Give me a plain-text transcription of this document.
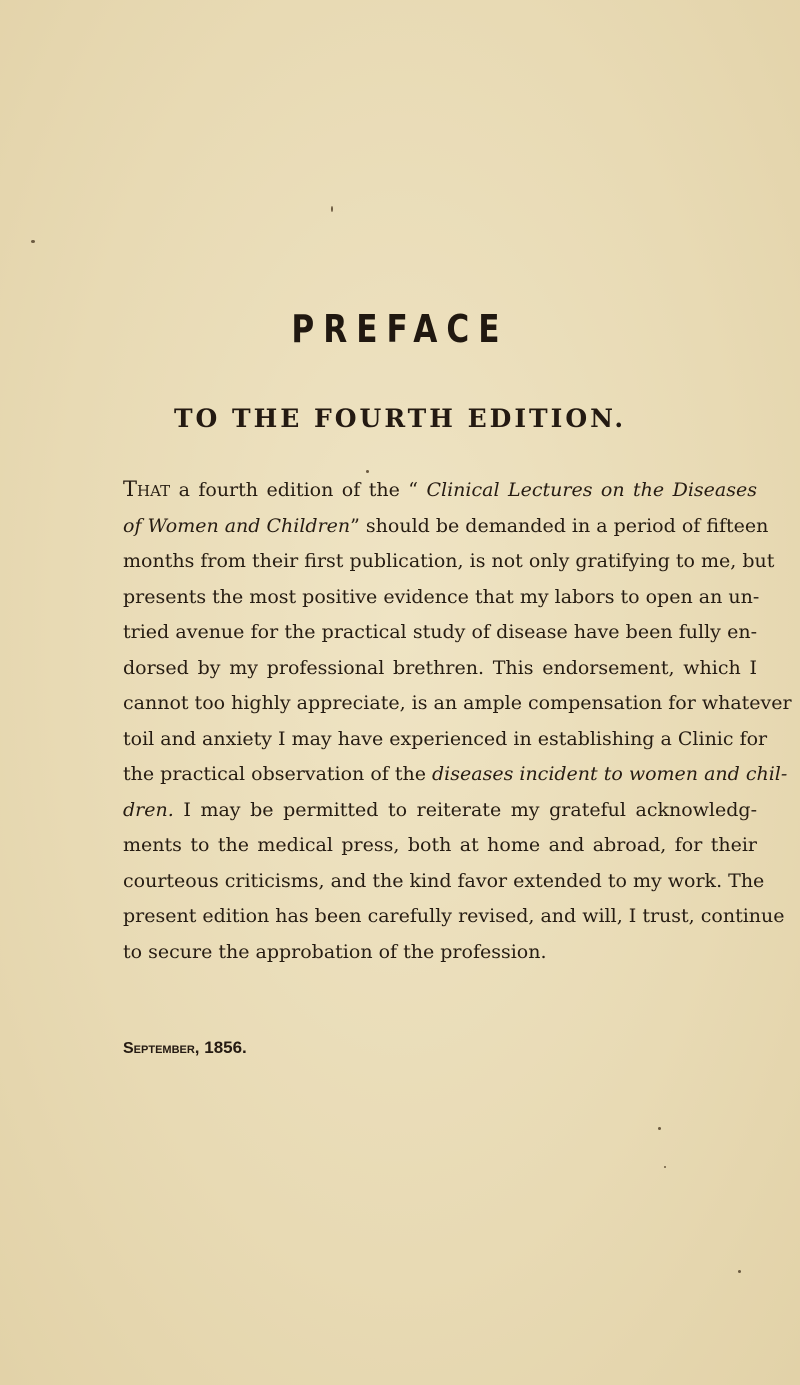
PREFACE
TO THE FOURTH EDITION.
That a fourth edition of the “ Clinical Lectures on the Diseases
of Women and Children” should be demanded in a period of fifteen
months from their first publication, is not only gratifying to me, but
presents the most positive evidence that my labors to open an un-
tried avenue for the practical study of disease have been fully en-
dorsed by my professional brethren. This endorsement, which I
cannot too highly appreciate, is an ample compensation for whatever
toil and anxiety I may have experienced in establishing a Clinic for
the practical observation of the diseases incident to women and chil-
dren. I may be permitted to reiterate my grateful acknowledg-
ments to the medical press, both at home and abroad, for their
courteous criticisms, and the kind favor extended to my work. The
present edition has been carefully revised, and will, I trust, continue
to secure the approbation of the profession.

September, 1856.
